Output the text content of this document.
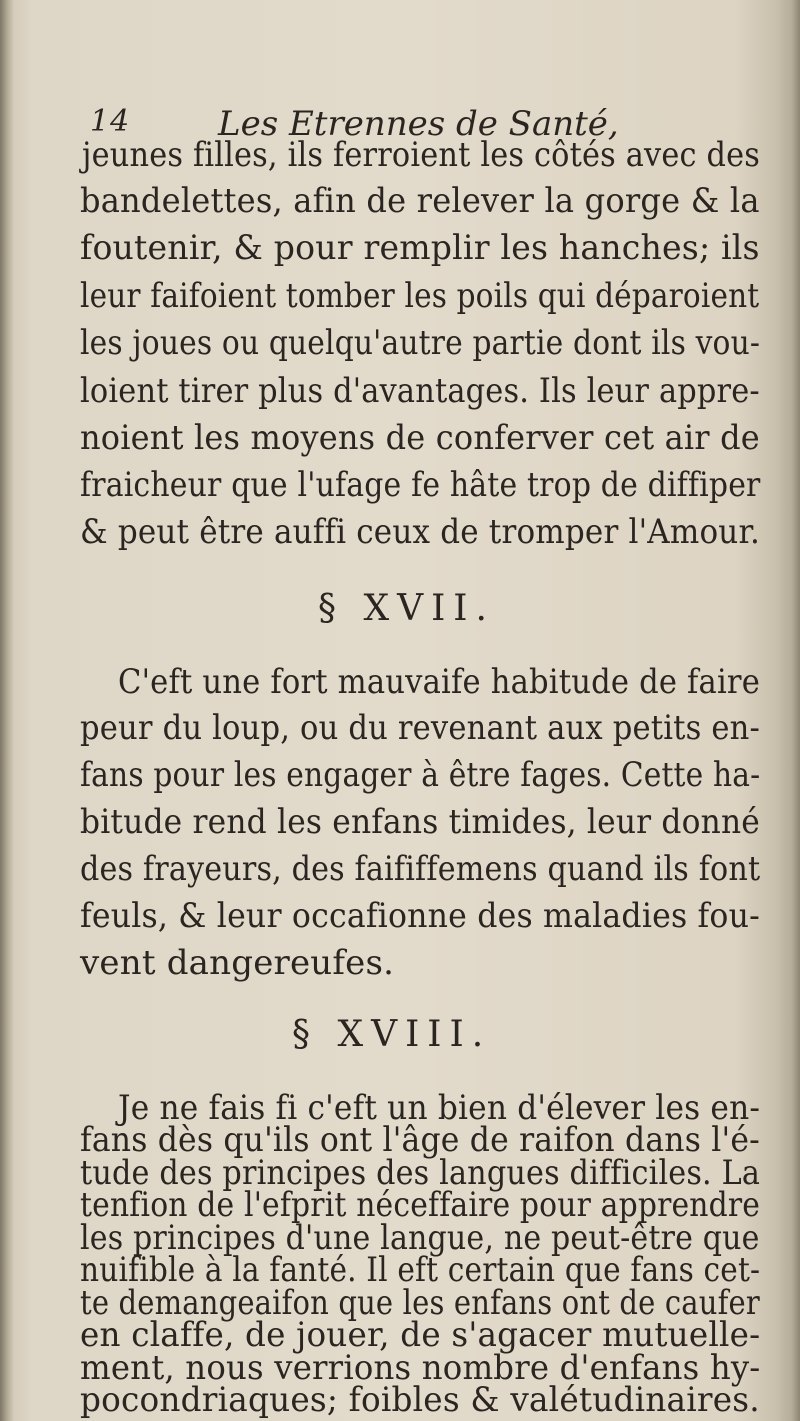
14	Les Etrennes de Santé,
jeunes filles, ils ferroient les côtés avec des
bandelettes, afin de relever la gorge & la
foutenir, & pour remplir les hanches; ils
leur faifoient tomber les poils qui déparoient
les joues ou quelqu'autre partie dont ils vou-
loient tirer plus d'avantages. Ils leur appre-
noient les moyens de conferver cet air de
fraicheur que l'ufage fe hâte trop de diffiper
& peut être auffi ceux de tromper l'Amour.
§ XVII.
C'eft une fort mauvaife habitude de faire
peur du loup, ou du revenant aux petits en-
fans pour les engager à être fages. Cette ha-
bitude rend les enfans timides, leur donné
des frayeurs, des faififfemens quand ils font
feuls, & leur occafionne des maladies fou-
vent dangereufes.
§ XVIII.
Je ne fais fi c'eft un bien d'élever les en-
fans dès qu'ils ont l'âge de raifon dans l'é-
tude des principes des langues difficiles. La
tenfion de l'efprit néceffaire pour apprendre
les principes d'une langue, ne peut-être que
nuifible à la fanté. Il eft certain que fans cet-
te demangeaifon que les enfans ont de caufer
en claffe, de jouer, de s'agacer mutuelle-
ment, nous verrions nombre d'enfans hy-
pocondriaques; foibles & valétudinaires.
